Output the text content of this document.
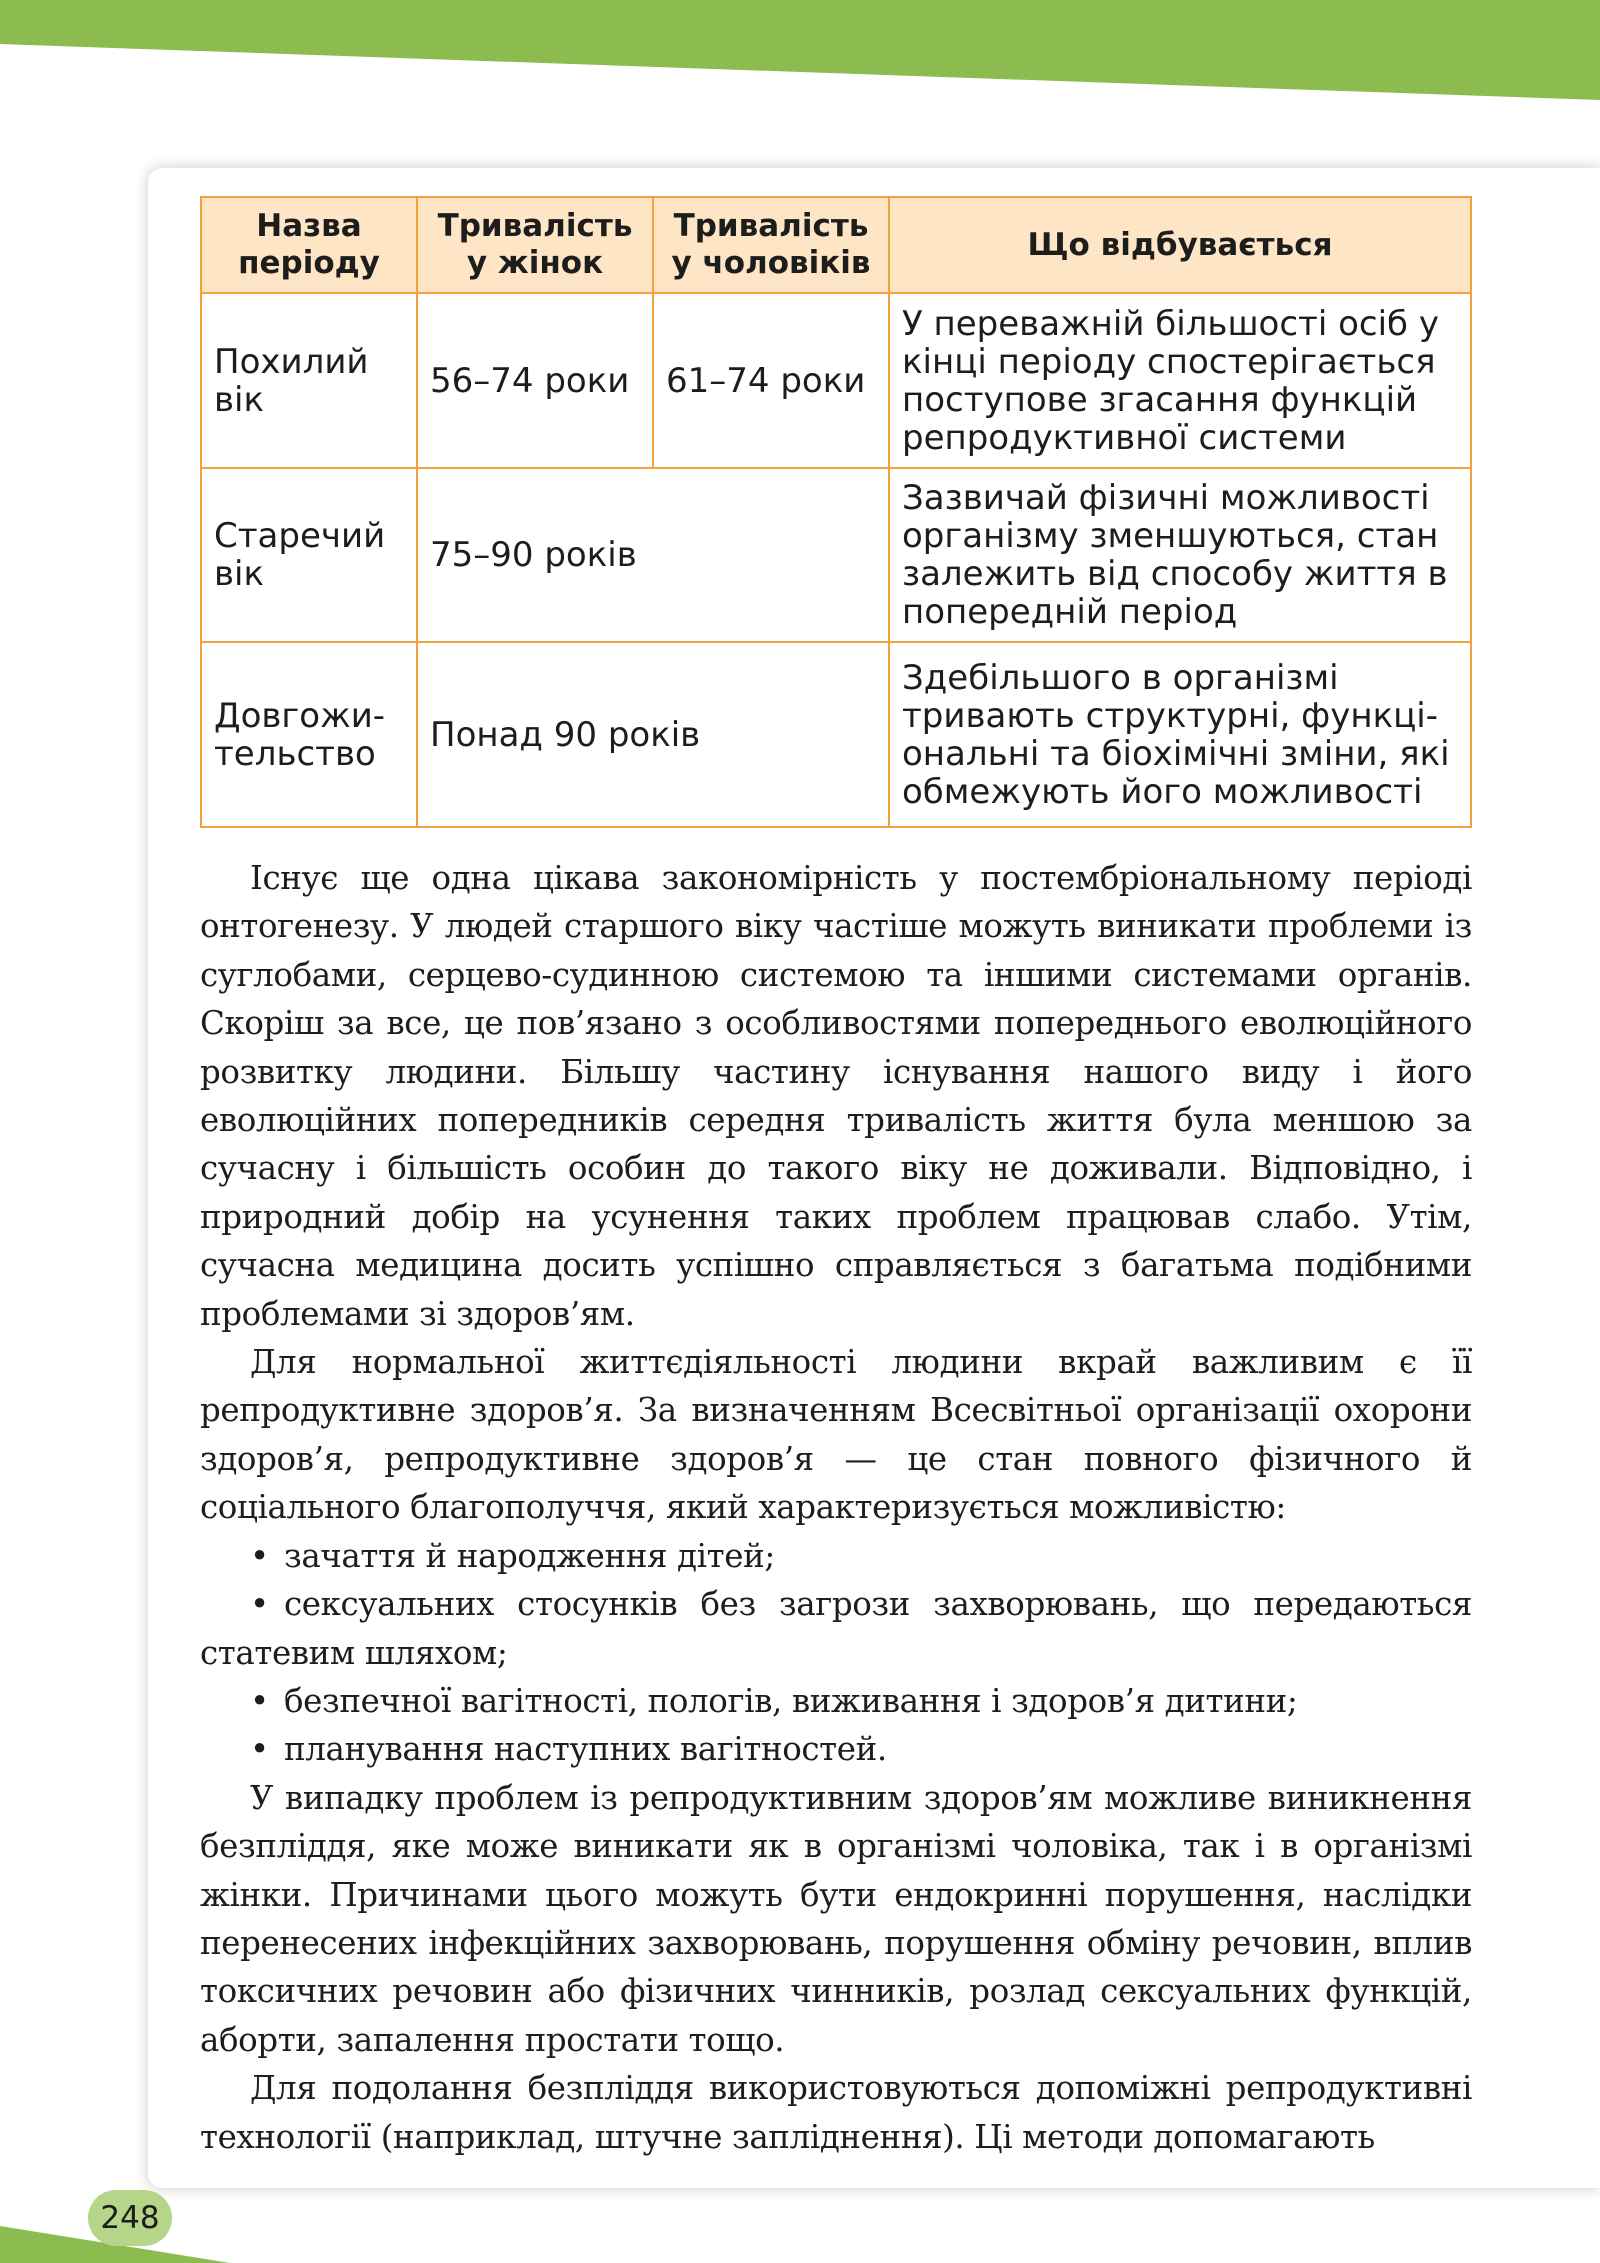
Назва періоду	Тривалість у жінок	Тривалість у чоловіків	Що відбувається
Похилий вік	56–74 роки	61–74 роки	У переважній більшості осіб у кінці періоду спостерігається поступове згасання функцій репродуктивної системи
Старечий вік	75–90 років		Зазвичай фізичні можливості організму зменшуються, стан залежить від способу життя в попередній період
Довгожи-тельство	Понад 90 років		Здебільшого в організмі тривають структурні, функці-ональні та біохімічні зміни, які обмежують його можливості

Існує ще одна цікава закономірність у постембріональному періоді онтогенезу. У людей старшого віку частіше можуть виникати проблеми із суглобами, серцево-судинною системою та іншими системами органів. Скоріш за все, це пов’язано з особливостями попереднього еволюційного розвитку людини. Більшу частину існування нашого виду і його еволюційних попередників середня тривалість життя була меншою за сучасну і більшість особин до такого віку не доживали. Відповідно, і природний добір на усунення таких проблем працював слабо. Утім, сучасна медицина досить успішно справляється з багатьма подібними проблемами зі здоров’ям.

Для нормальної життєдіяльності людини вкрай важливим є її репродуктивне здоров’я. За визначенням Всесвітньої організації охорони здоров’я, репродуктивне здоров’я — це стан повного фізичного й соціального благополуччя, який характеризується можливістю:

• зачаття й народження дітей;
• сексуальних стосунків без загрози захворювань, що передаються статевим шляхом;
• безпечної вагітності, пологів, виживання і здоров’я дитини;
• планування наступних вагітностей.

У випадку проблем із репродуктивним здоров’ям можливе виникнення безпліддя, яке може виникати як в організмі чоловіка, так і в організмі жінки. Причинами цього можуть бути ендокринні порушення, наслідки перенесених інфекційних захворювань, порушення обміну речовин, вплив токсичних речовин або фізичних чинників, розлад сексуальних функцій, аборти, запалення простати тощо.

Для подолання безпліддя використовуються допоміжні репродуктивні технології (наприклад, штучне запліднення). Ці методи допомагають

248
